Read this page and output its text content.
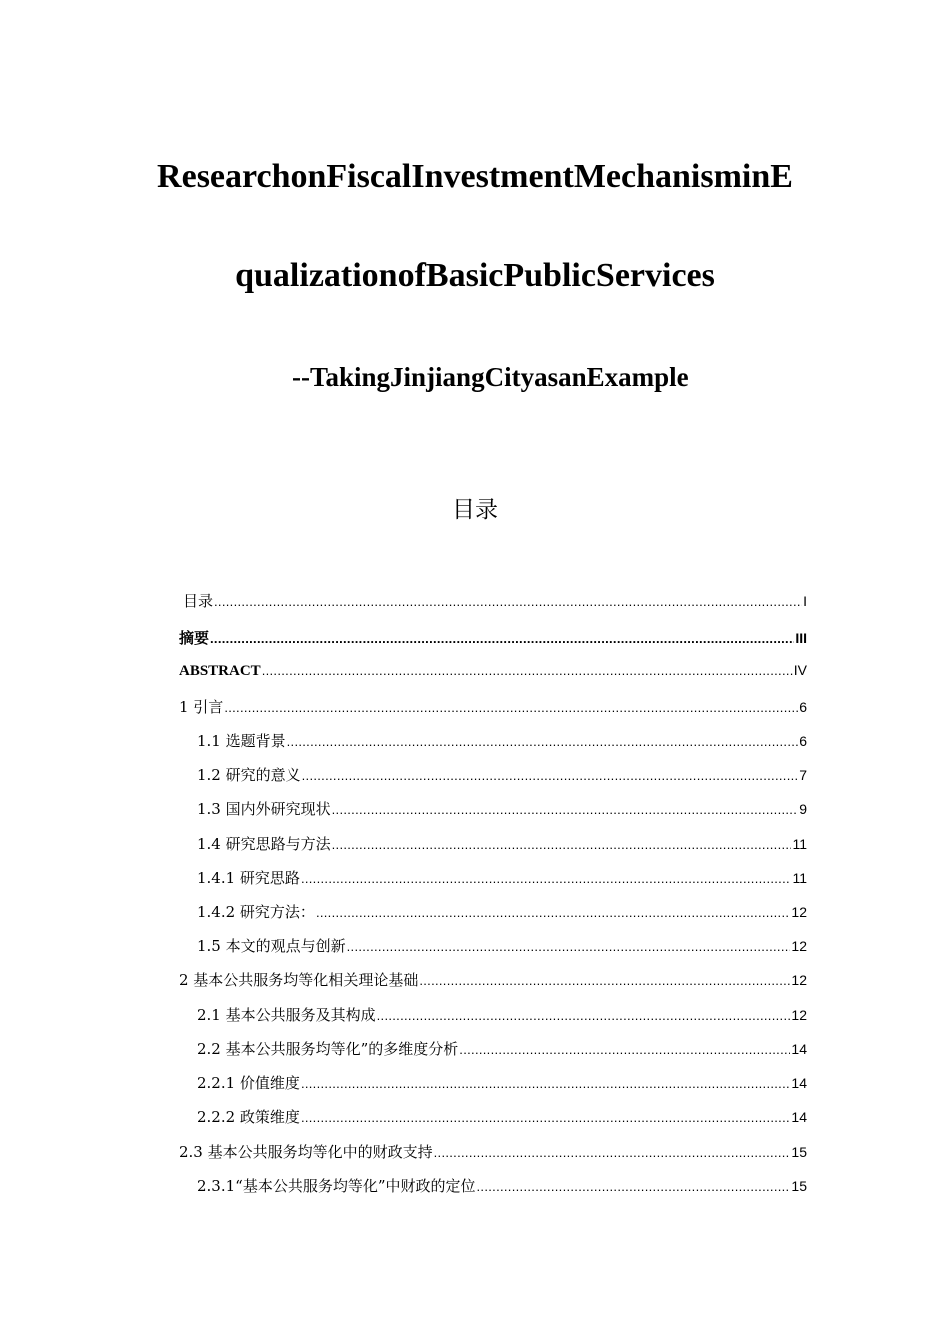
ResearchonFiscalInvestmentMechanisminE
qualizationofBasicPublicServices
--TakingJinjiangCityasanExample
目录
目录 .....	I
摘要 .....	III
ABSTRACT .....	IV
1 引言 .....	6
1.1 选题背景 .....	6
1.2 研究的意义 .....	7
1.3 国内外研究现状 .....	9
1.4 研究思路与方法 .....	11
1.4.1 研究思路 .....	11
1.4.2 研究方法： .....	12
1.5 本文的观点与创新 .....	12
2 基本公共服务均等化相关理论基础 .....	12
2.1 基本公共服务及其构成 .....	12
2.2 基本公共服务均等化”的多维度分析 .....	14
2.2.1 价值维度 .....	14
2.2.2 政策维度 .....	14
2.3 基本公共服务均等化中的财政支持 .....	15
2.3.1“基本公共服务均等化”中财政的定位 .....	15
